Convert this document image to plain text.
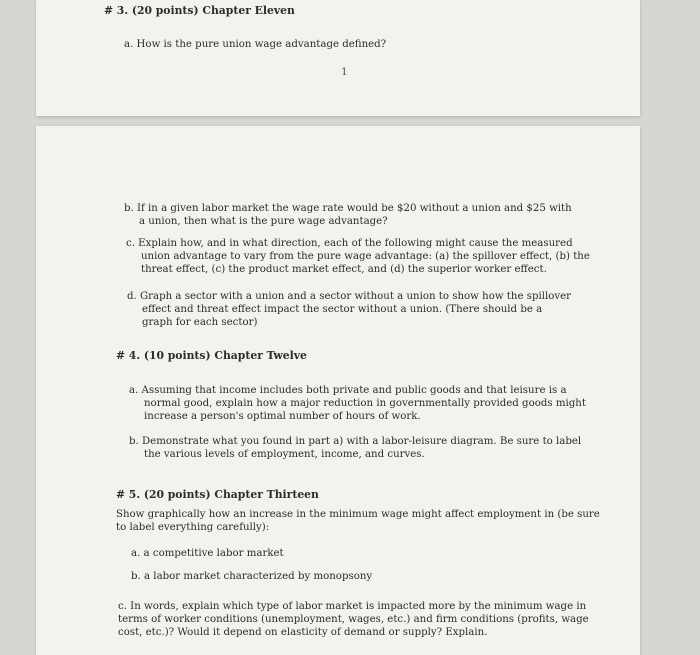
# 3. (20 points) Chapter Eleven
a. How is the pure union wage advantage defined?
1
b. If in a given labor market the wage rate would be $20 without a union and $25 with
a union, then what is the pure wage advantage?
c. Explain how, and in what direction, each of the following might cause the measured
union advantage to vary from the pure wage advantage: (a) the spillover effect, (b) the
threat effect, (c) the product market effect, and (d) the superior worker effect.
d. Graph a sector with a union and a sector without a union to show how the spillover
effect and threat effect impact the sector without a union. (There should be a
graph for each sector)
# 4. (10 points) Chapter Twelve
a. Assuming that income includes both private and public goods and that leisure is a
normal good, explain how a major reduction in governmentally provided goods might
increase a person's optimal number of hours of work.
b. Demonstrate what you found in part a) with a labor-leisure diagram. Be sure to label
the various levels of employment, income, and curves.
# 5. (20 points) Chapter Thirteen
Show graphically how an increase in the minimum wage might affect employment in (be sure
to label everything carefully):
a. a competitive labor market
b. a labor market characterized by monopsony
c. In words, explain which type of labor market is impacted more by the minimum wage in
terms of worker conditions (unemployment, wages, etc.) and firm conditions (profits, wage
cost, etc.)? Would it depend on elasticity of demand or supply? Explain.
